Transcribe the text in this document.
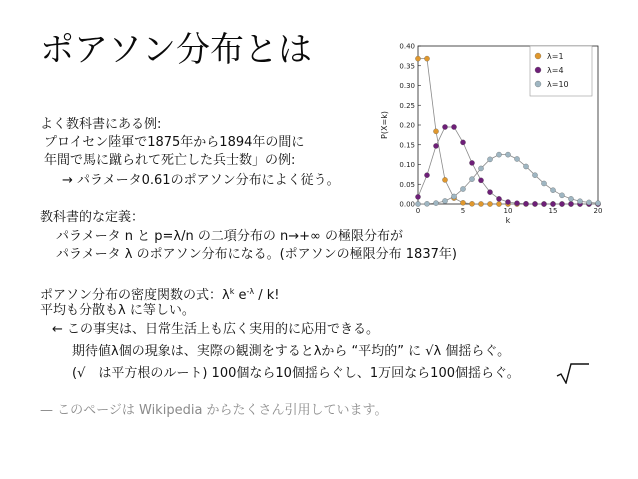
ポアソン分布とは
よく教科書にある例:
プロイセン陸軍で1875年から1894年の間に
年間で馬に蹴られて死亡した兵士数」の例:
→ パラメータ0.61のポアソン分布によく従う。
教科書的な定義：
パラメータ n と p=λ/n の二項分布の n→+∞ の極限分布が
パラメータ λ のポアソン分布になる。(ポアソンの極限分布 1837年)
ポアソン分布の密度関数の式：$\lambda^k$ $e^{-\lambda}$ / k!
平均も分散もλ に等しい。
← この事実は、日常生活上も広く実用的に応用できる。
期待値λ個の現象は、実際の観測をするとλから “平均的” に √λ 個揺らぐ。
(√　は平方根のルート) 100個なら10個揺らぐし、1万回なら100個揺らぐ。
— このページは Wikipedia からたくさん引用しています。
0.00
0.05
0.10
0.15
0.20
0.25
0.30
0.35
0.40
0	5	10	15	20
k
P(X=k)
λ=1
λ=4
λ=10
